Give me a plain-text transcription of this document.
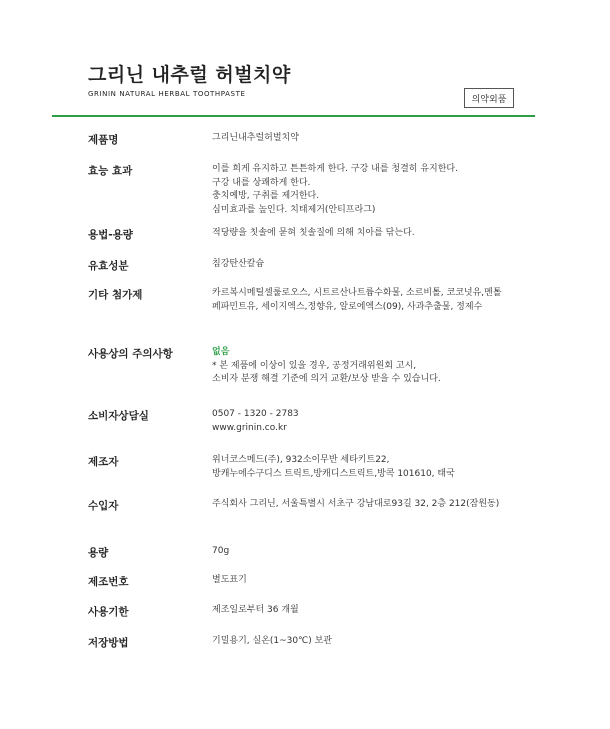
그리닌 내추럴 허벌치약
GRININ NATURAL HERBAL TOOTHPASTE
의약외품
제품명	그리닌내추럴허벌치약
효능 효과	이를 희게 유지하고 튼튼하게 한다. 구강 내를 청결히 유지한다.
구강 내를 상쾌하게 한다.
충치예방, 구취를 제거한다.
심미효과를 높인다. 치태제거(안티프라그)
용법-용량	적당량을 칫솔에 묻혀 칫솔질에 의해 치아를 닦는다.
유효성분	침강탄산칼슘
기타 첨가제	카르복시메틸셀룰로오스, 시트르산나트륨수화물, 소르비톨, 코코넛유,멘톨
페파민트유, 세이지엑스,정향유, 알로에엑스(09), 사과추출물, 정제수
사용상의 주의사항	없음
* 본 제품에 이상이 있을 경우, 공정거래위원회 고시,
소비자 분쟁 해결 기준에 의거 교환/보상 받을 수 있습니다.
소비자상담실	0507 - 1320 - 2783
www.grinin.co.kr
제조자	위너코스메드(주), 932소이무반 세타키트22,
방캐누에수구디스 트릭트,방캐디스트릭트,방콕 101610, 태국
수입자	주식회사 그리닌, 서울특별시 서초구 강남대로93길 32, 2층 212(잠원동)
용량	70g
제조번호	별도표기
사용기한	제조일로부터 36 개월
저장방법	기밀용기, 실온(1~30℃) 보관
